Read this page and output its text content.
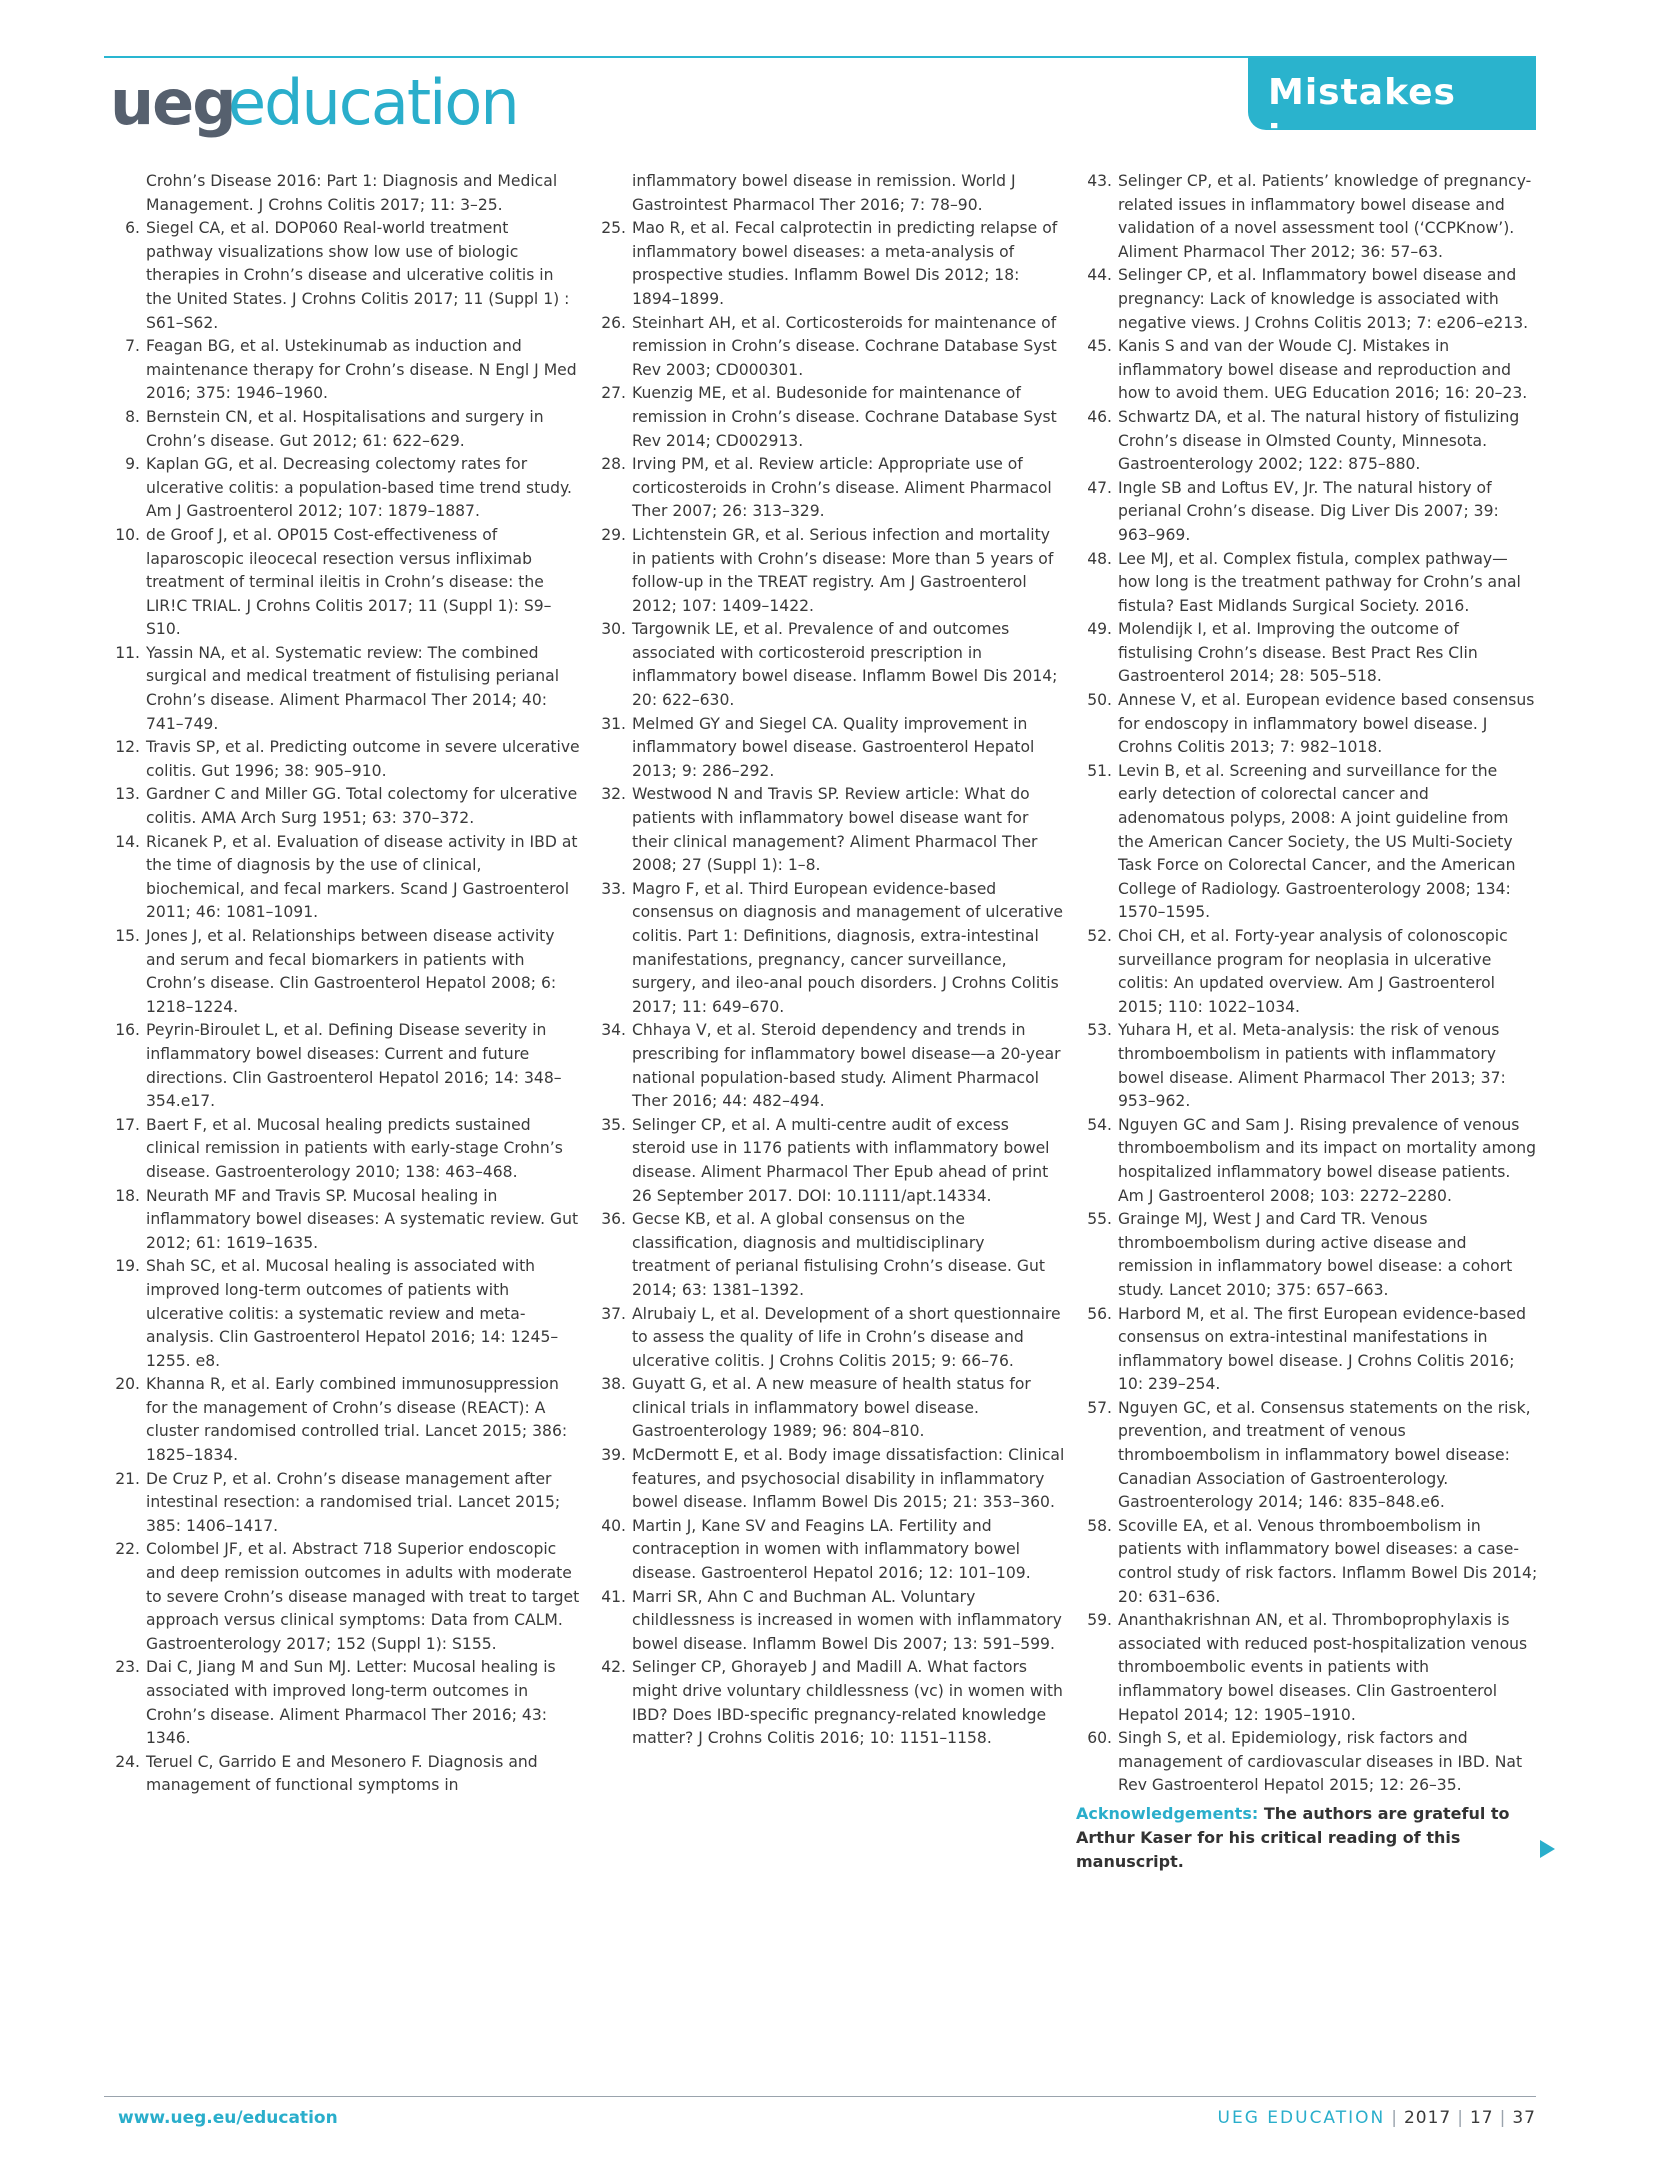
ueg
education	Mistakes in…
Crohn’s Disease 2016: Part 1: Diagnosis and Medical Management. J Crohns Colitis 2017; 11: 3–25.
6. Siegel CA, et al. DOP060 Real-world treatment pathway visualizations show low use of biologic therapies in Crohn’s disease and ulcerative colitis in the United States. J Crohns Colitis 2017; 11 (Suppl 1) : S61–S62.
7. Feagan BG, et al. Ustekinumab as induction and maintenance therapy for Crohn’s disease. N Engl J Med 2016; 375: 1946–1960.
8. Bernstein CN, et al. Hospitalisations and surgery in Crohn’s disease. Gut 2012; 61: 622–629.
9. Kaplan GG, et al. Decreasing colectomy rates for ulcerative colitis: a population-based time trend study. Am J Gastroenterol 2012; 107: 1879–1887.
10. de Groof J, et al. OP015 Cost-effectiveness of laparoscopic ileocecal resection versus infliximab treatment of terminal ileitis in Crohn’s disease: the LIR!C TRIAL. J Crohns Colitis 2017; 11 (Suppl 1): S9–S10.
11. Yassin NA, et al. Systematic review: The combined surgical and medical treatment of fistulising perianal Crohn’s disease. Aliment Pharmacol Ther 2014; 40: 741–749.
12. Travis SP, et al. Predicting outcome in severe ulcerative colitis. Gut 1996; 38: 905–910.
13. Gardner C and Miller GG. Total colectomy for ulcerative colitis. AMA Arch Surg 1951; 63: 370–372.
14. Ricanek P, et al. Evaluation of disease activity in IBD at the time of diagnosis by the use of clinical, biochemical, and fecal markers. Scand J Gastroenterol 2011; 46: 1081–1091.
15. Jones J, et al. Relationships between disease activity and serum and fecal biomarkers in patients with Crohn’s disease. Clin Gastroenterol Hepatol 2008; 6: 1218–1224.
16. Peyrin-Biroulet L, et al. Defining Disease severity in inflammatory bowel diseases: Current and future directions. Clin Gastroenterol Hepatol 2016; 14: 348–354.e17.
17. Baert F, et al. Mucosal healing predicts sustained clinical remission in patients with early-stage Crohn’s disease. Gastroenterology 2010; 138: 463–468.
18. Neurath MF and Travis SP. Mucosal healing in inflammatory bowel diseases: A systematic review. Gut 2012; 61: 1619–1635.
19. Shah SC, et al. Mucosal healing is associated with improved long-term outcomes of patients with ulcerative colitis: a systematic review and meta-analysis. Clin Gastroenterol Hepatol 2016; 14: 1245–1255. e8.
20. Khanna R, et al. Early combined immunosuppression for the management of Crohn’s disease (REACT): A cluster randomised controlled trial. Lancet 2015; 386: 1825–1834.
21. De Cruz P, et al. Crohn’s disease management after intestinal resection: a randomised trial. Lancet 2015; 385: 1406–1417.
22. Colombel JF, et al. Abstract 718 Superior endoscopic and deep remission outcomes in adults with moderate to severe Crohn’s disease managed with treat to target approach versus clinical symptoms: Data from CALM. Gastroenterology 2017; 152 (Suppl 1): S155.
23. Dai C, Jiang M and Sun MJ. Letter: Mucosal healing is associated with improved long-term outcomes in Crohn’s disease. Aliment Pharmacol Ther 2016; 43: 1346.
24. Teruel C, Garrido E and Mesonero F. Diagnosis and management of functional symptoms in
inflammatory bowel disease in remission. World J Gastrointest Pharmacol Ther 2016; 7: 78–90.
25. Mao R, et al. Fecal calprotectin in predicting relapse of inflammatory bowel diseases: a meta-analysis of prospective studies. Inflamm Bowel Dis 2012; 18: 1894–1899.
26. Steinhart AH, et al. Corticosteroids for maintenance of remission in Crohn’s disease. Cochrane Database Syst Rev 2003; CD000301.
27. Kuenzig ME, et al. Budesonide for maintenance of remission in Crohn’s disease. Cochrane Database Syst Rev 2014; CD002913.
28. Irving PM, et al. Review article: Appropriate use of corticosteroids in Crohn’s disease. Aliment Pharmacol Ther 2007; 26: 313–329.
29. Lichtenstein GR, et al. Serious infection and mortality in patients with Crohn’s disease: More than 5 years of follow-up in the TREAT registry. Am J Gastroenterol 2012; 107: 1409–1422.
30. Targownik LE, et al. Prevalence of and outcomes associated with corticosteroid prescription in inflammatory bowel disease. Inflamm Bowel Dis 2014; 20: 622–630.
31. Melmed GY and Siegel CA. Quality improvement in inflammatory bowel disease. Gastroenterol Hepatol 2013; 9: 286–292.
32. Westwood N and Travis SP. Review article: What do patients with inflammatory bowel disease want for their clinical management? Aliment Pharmacol Ther 2008; 27 (Suppl 1): 1–8.
33. Magro F, et al. Third European evidence-based consensus on diagnosis and management of ulcerative colitis. Part 1: Definitions, diagnosis, extra-intestinal manifestations, pregnancy, cancer surveillance, surgery, and ileo-anal pouch disorders. J Crohns Colitis 2017; 11: 649–670.
34. Chhaya V, et al. Steroid dependency and trends in prescribing for inflammatory bowel disease—a 20-year national population-based study. Aliment Pharmacol Ther 2016; 44: 482–494.
35. Selinger CP, et al. A multi-centre audit of excess steroid use in 1176 patients with inflammatory bowel disease. Aliment Pharmacol Ther Epub ahead of print 26 September 2017. DOI: 10.1111/apt.14334.
36. Gecse KB, et al. A global consensus on the classification, diagnosis and multidisciplinary treatment of perianal fistulising Crohn’s disease. Gut 2014; 63: 1381–1392.
37. Alrubaiy L, et al. Development of a short questionnaire to assess the quality of life in Crohn’s disease and ulcerative colitis. J Crohns Colitis 2015; 9: 66–76.
38. Guyatt G, et al. A new measure of health status for clinical trials in inflammatory bowel disease. Gastroenterology 1989; 96: 804–810.
39. McDermott E, et al. Body image dissatisfaction: Clinical features, and psychosocial disability in inflammatory bowel disease. Inflamm Bowel Dis 2015; 21: 353–360.
40. Martin J, Kane SV and Feagins LA. Fertility and contraception in women with inflammatory bowel disease. Gastroenterol Hepatol 2016; 12: 101–109.
41. Marri SR, Ahn C and Buchman AL. Voluntary childlessness is increased in women with inflammatory bowel disease. Inflamm Bowel Dis 2007; 13: 591–599.
42. Selinger CP, Ghorayeb J and Madill A. What factors might drive voluntary childlessness (vc) in women with IBD? Does IBD-specific pregnancy-related knowledge matter? J Crohns Colitis 2016; 10: 1151–1158.
43. Selinger CP, et al. Patients’ knowledge of pregnancy-related issues in inflammatory bowel disease and validation of a novel assessment tool (‘CCPKnow’). Aliment Pharmacol Ther 2012; 36: 57–63.
44. Selinger CP, et al. Inflammatory bowel disease and pregnancy: Lack of knowledge is associated with negative views. J Crohns Colitis 2013; 7: e206–e213.
45. Kanis S and van der Woude CJ. Mistakes in inflammatory bowel disease and reproduction and how to avoid them. UEG Education 2016; 16: 20–23.
46. Schwartz DA, et al. The natural history of fistulizing Crohn’s disease in Olmsted County, Minnesota. Gastroenterology 2002; 122: 875–880.
47. Ingle SB and Loftus EV, Jr. The natural history of perianal Crohn’s disease. Dig Liver Dis 2007; 39: 963–969.
48. Lee MJ, et al. Complex fistula, complex pathway—how long is the treatment pathway for Crohn’s anal fistula? East Midlands Surgical Society. 2016.
49. Molendijk I, et al. Improving the outcome of fistulising Crohn’s disease. Best Pract Res Clin Gastroenterol 2014; 28: 505–518.
50. Annese V, et al. European evidence based consensus for endoscopy in inflammatory bowel disease. J Crohns Colitis 2013; 7: 982–1018.
51. Levin B, et al. Screening and surveillance for the early detection of colorectal cancer and adenomatous polyps, 2008: A joint guideline from the American Cancer Society, the US Multi-Society Task Force on Colorectal Cancer, and the American College of Radiology. Gastroenterology 2008; 134: 1570–1595.
52. Choi CH, et al. Forty-year analysis of colonoscopic surveillance program for neoplasia in ulcerative colitis: An updated overview. Am J Gastroenterol 2015; 110: 1022–1034.
53. Yuhara H, et al. Meta-analysis: the risk of venous thromboembolism in patients with inflammatory bowel disease. Aliment Pharmacol Ther 2013; 37: 953–962.
54. Nguyen GC and Sam J. Rising prevalence of venous thromboembolism and its impact on mortality among hospitalized inflammatory bowel disease patients. Am J Gastroenterol 2008; 103: 2272–2280.
55. Grainge MJ, West J and Card TR. Venous thromboembolism during active disease and remission in inflammatory bowel disease: a cohort study. Lancet 2010; 375: 657–663.
56. Harbord M, et al. The first European evidence-based consensus on extra-intestinal manifestations in inflammatory bowel disease. J Crohns Colitis 2016; 10: 239–254.
57. Nguyen GC, et al. Consensus statements on the risk, prevention, and treatment of venous thromboembolism in inflammatory bowel disease: Canadian Association of Gastroenterology. Gastroenterology 2014; 146: 835–848.e6.
58. Scoville EA, et al. Venous thromboembolism in patients with inflammatory bowel diseases: a case-control study of risk factors. Inflamm Bowel Dis 2014; 20: 631–636.
59. Ananthakrishnan AN, et al. Thromboprophylaxis is associated with reduced post-hospitalization venous thromboembolic events in patients with inflammatory bowel diseases. Clin Gastroenterol Hepatol 2014; 12: 1905–1910.
60. Singh S, et al. Epidemiology, risk factors and management of cardiovascular diseases in IBD. Nat Rev Gastroenterol Hepatol 2015; 12: 26–35.
Acknowledgements: The authors are grateful to Arthur Kaser for his critical reading of this manuscript.
www.ueg.eu/education	UEG EDUCATION | 2017 | 17 | 37
